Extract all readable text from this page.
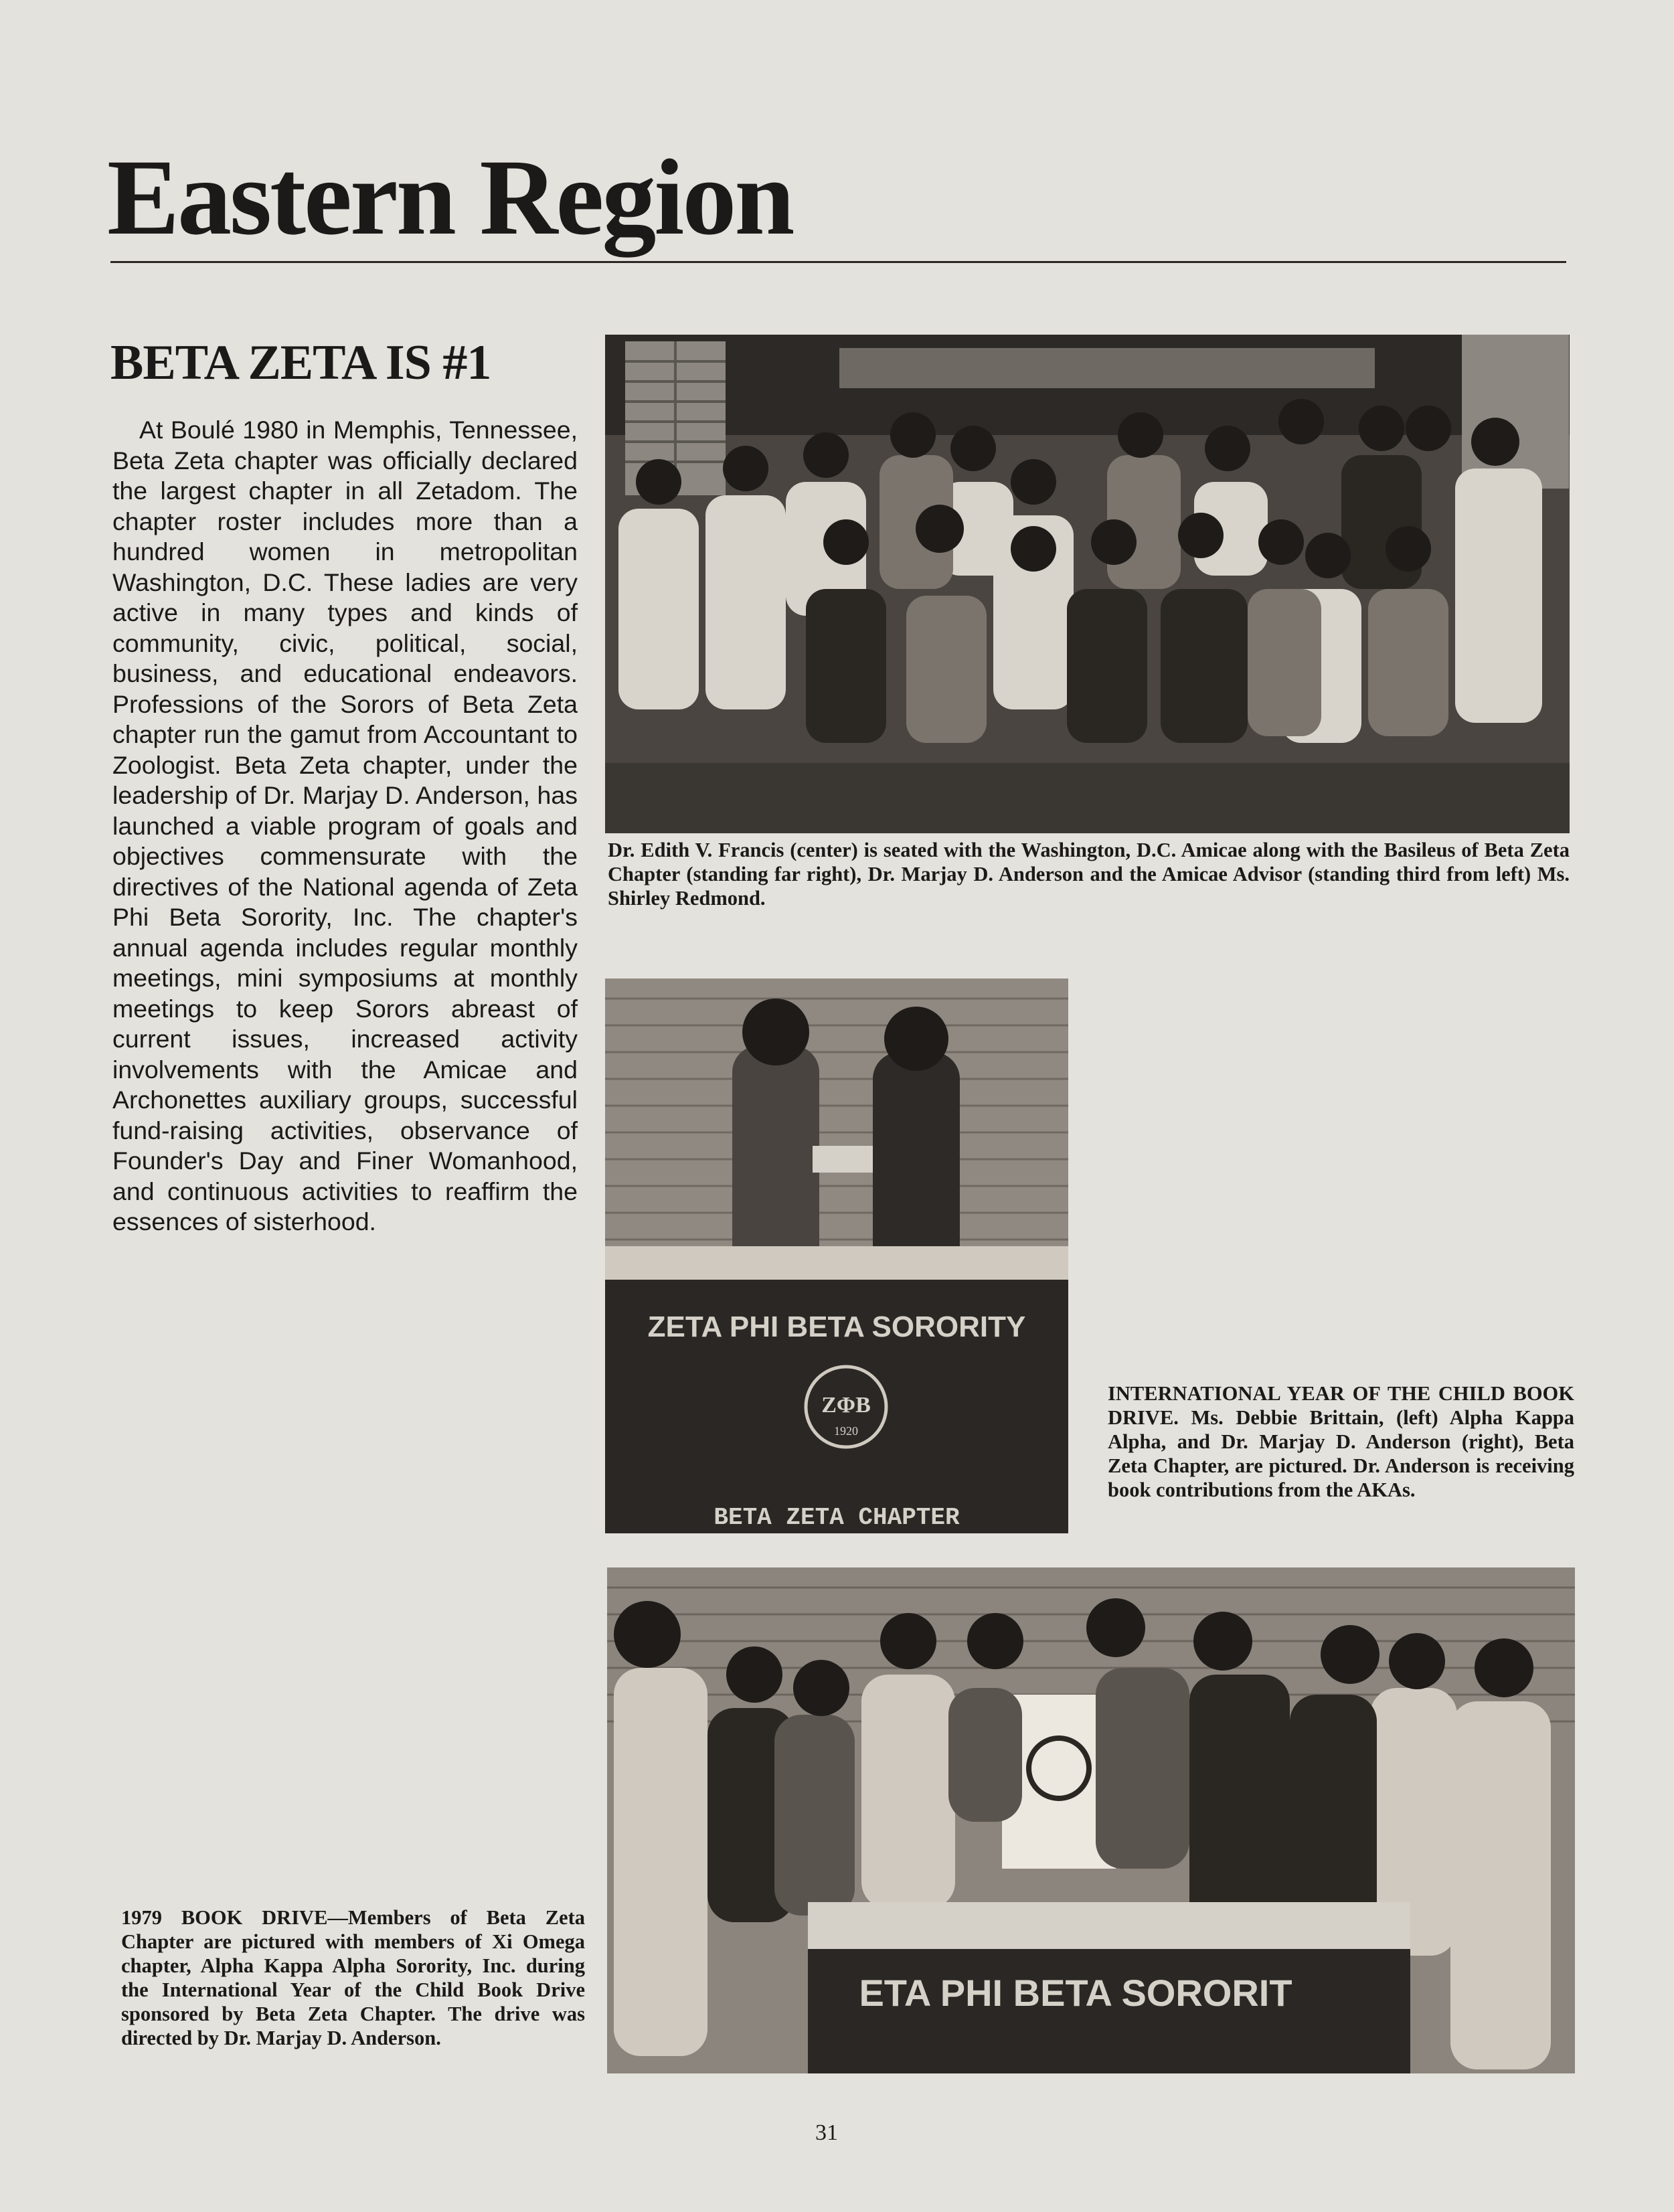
Eastern Region
BETA ZETA IS #1

At Boulé 1980 in Memphis, Tennessee, Beta Zeta chapter was officially declared the largest chapter in all Zetadom. The chapter roster includes more than a hundred women in metropolitan Washington, D.C. These ladies are very active in many types and kinds of community, civic, political, social, business, and educational endeavors. Professions of the Sorors of Beta Zeta chapter run the gamut from Accountant to Zoologist. Beta Zeta chapter, under the leadership of Dr. Marjay D. Anderson, has launched a viable program of goals and objectives commensurate with the directives of the National agenda of Zeta Phi Beta Sorority, Inc. The chapter's annual agenda includes regular monthly meetings, mini symposiums at monthly meetings to keep Sorors abreast of current issues, increased activity involvements with the Amicae and Archonettes auxiliary groups, successful fund-raising activities, observance of Founder's Day and Finer Womanhood, and continuous activities to reaffirm the essences of sisterhood.

Dr. Edith V. Francis (center) is seated with the Washington, D.C. Amicae along with the Basileus of Beta Zeta Chapter (standing far right), Dr. Marjay D. Anderson and the Amicae Advisor (standing third from left) Ms. Shirley Redmond.

ZΦB
1920
ZETA PHI BETA SORORITY
BETA ZETA CHAPTER

INTERNATIONAL YEAR OF THE CHILD BOOK DRIVE. Ms. Debbie Brittain, (left) Alpha Kappa Alpha, and Dr. Marjay D. Anderson (right), Beta Zeta Chapter, are pictured. Dr. Anderson is receiving book contributions from the AKAs.

ETA PHI BETA SORORIT

1979 BOOK DRIVE—Members of Beta Zeta Chapter are pictured with members of Xi Omega chapter, Alpha Kappa Alpha Sorority, Inc. during the International Year of the Child Book Drive sponsored by Beta Zeta Chapter. The drive was directed by Dr. Marjay D. Anderson.

31
